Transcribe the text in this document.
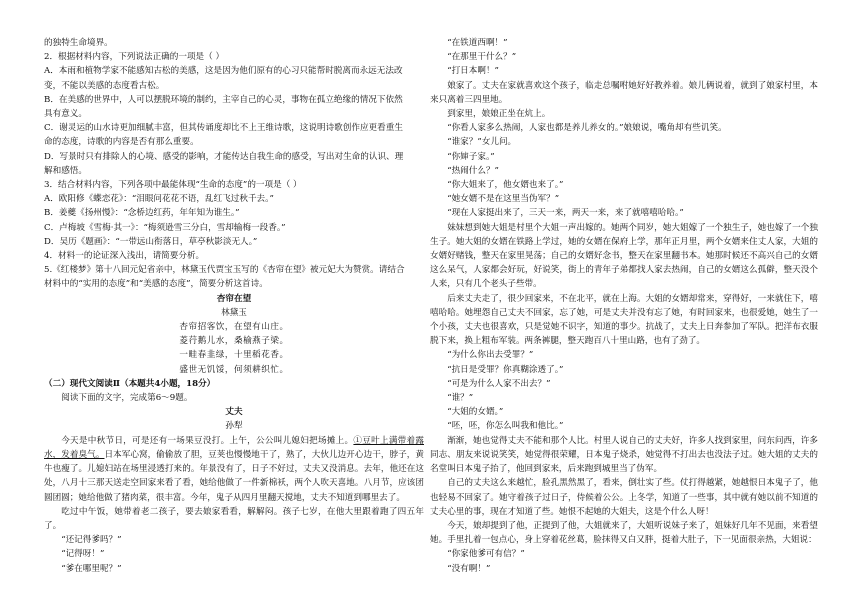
的独特生命境界。

2．根据材料内容，下列说法正确的一项是（ ）

A．本雨和植物学家不能感知古松的美感，这是因为他们原有的心习只能帮时脱离而永远无法改

变，不能以美感的态度看古松。

B．在美感的世界中，人可以摆脱环境的制约，主宰自己的心灵，事物在孤立绝缘的情况下依然

具有意义。

C．谢灵运的山水诗更加细腻丰富，但其传诵度却比不上王维诗歌，这说明诗歌创作应更看重生

命的态度，诗歌的内容是否有那么重要。

D．写景时只有排除人的心境、感受的影响，才能传达自我生命的感受，写出对生命的认识、理

解和感悟。

3．结合材料内容，下列各项中最能体现“生命的态度”的一项是（ ）

A．欧阳修《蝶恋花》：“泪眼问花花不语，乱红飞过秋千去。”

B．姜夔《扬州慢》：“念桥边红药，年年知为谁生。”

C．卢梅坡《雪梅·其一》：“梅须逊雪三分白，雪却输梅一段香。”

D．吴历《题画》：“一带远山衔落日，草亭秋影淡无人。”

4．材料一的论证深入浅出，请简要分析。

5.《红楼梦》第十八回元妃省亲中，林黛玉代贾宝玉写的《杏帘在望》被元妃大为赞赏。请结合

材料中的“实用的态度”和“美感的态度”，简要分析这首诗。

杏帘在望

林黛玉

杏帘招客饮，在望有山庄。

菱荇鹅儿水，桑榆燕子梁。

一畦春韭绿，十里稻花香。

盛世无饥馁，何须耕织忙。

（二）现代文阅读Ⅱ（本题共4小题，18分）

阅读下面的文字，完成第6～9题。

丈夫

孙犁

今天是中秋节日，可是还有一场果豆没打。上午，公公叫儿媳妇把场摊上。①豆叶上满带着露水，发着臭气。日本军心窝，偷偷放了胆，豆荚也慢慢地干了，熟了，大伙儿边开心边干，脖子，黄牛也瘦了。儿媳妇站在场里浸透打来的。年景没有了，日子不好过，丈夫又没消息。去年，他还在这处，八月十三那天送走空回家来看了看，她给他做了一件新棉袄，两个人吹天喜地。八月节，应该团圆团圆；她给他做了猪肉菜，很丰富。今年，鬼子从四月里翻天搅地，丈夫不知道到哪里去了。

吃过中午饭，她带着老二孩子，要去娘家看看，解解闷。孩子七岁，在他大里跟着跑了四五年了。

“还记得爹吗？”

“记得呀！”

“爹在哪里呢？”

“在铁道西啊！”

“在那里干什么？”

“打日本啊！”

娘家了。丈夫在家就喜欢这个孩子，临走总嘱咐她好好教养着。娘儿俩说着，就到了娘家村里，本来只离着三四里地。

到家里，娘娘正坐在炕上。

“你看人家多么热闹，人家也都是养儿养女的。”娘娘说，嘴角却有些讥笑。

“谁家？”女儿问。

“你婶子家。”

“热闹什么？”

“你大姐来了，他女婿也来了。”

“她女婿不是在这里当伪军？”

“现在人家挺出来了，三天一来，两天一来，来了就嘻嘻哈哈。”

妹妹想到她大姐是村里个大姐一声出嫁的。她两个同岁，她大姐嫁了一个独生子，她也嫁了一个独生子。她大姐的女婿在铁路上学过，她的女婿在保府上学，那年正月里，两个女婿来住丈人家，大姐的女婿好赌钱，整天在家里晃荡；自己的女婿好念书，整天在家里翻书本。她那时候还不高兴自己的女婿这么呆气，人家都会好玩，好说笑，街上的青年子弟都找人家去热闹，自己的女婿这么孤僻，整天没个人来，只有几个老头子些带。

后来丈夫走了，很少回家来，不在北平，就在上海。大姐的女婿却常来，穿得好，一来就住下，嘻嘻哈哈。她埋怨自己丈夫不回家，忘了她，可是丈夫并没有忘了她，有时回家来，也很爱她，她生了一个小孩，丈夫也很喜欢，只是觉她不识字，知道的事少。抗战了，丈夫上日奔参加了军队。把洋布衣服脱下来，换上粗布军装。两条裤腿，整天跑百八十里山路，也有了劲了。

“为什么你出去受罪？”

“抗日是受罪？你真糊涂透了。”

“可是为什么人家不出去？”

“谁？”

“大姐的女婿。”

“呸，呸，你怎么叫我和他比。”

渐渐，她也觉得丈夫不能和那个人比。村里人说自己的丈夫好，许多人找到家里，问东问西，许多同志、朋友来说说笑笑，她觉得很荣耀，日本鬼子烧杀，她觉得不打出去也没法子过。她大姐的丈夫的名堂叫日本鬼子抬了，他回到家来，后来跑到城里当了伪军。

自己的丈夫这么来越忙，脸孔黑然黑了，看来，倒壮实了些。仗打得越紧，她越恨日本鬼子了，他也轻易不回家了。她守着孩子过日子，侍候着公公。上冬学，知道了一些事，其中就有她以前不知道的丈夫心里的事，现在才知道了些。她恨不起她的大姐夫，这是个什么人呀！

今天，娘却提到了他，正提到了他，大姐就来了，大姐听说妹子来了，姐妹好几年不见面，来看望她。手里扎着一包点心，身上穿着花丝葛，脸抹得又白又胖，挺着大肚子，下一见面很亲热，大姐说：

“你家他爹可有信？”

“没有啊！”
